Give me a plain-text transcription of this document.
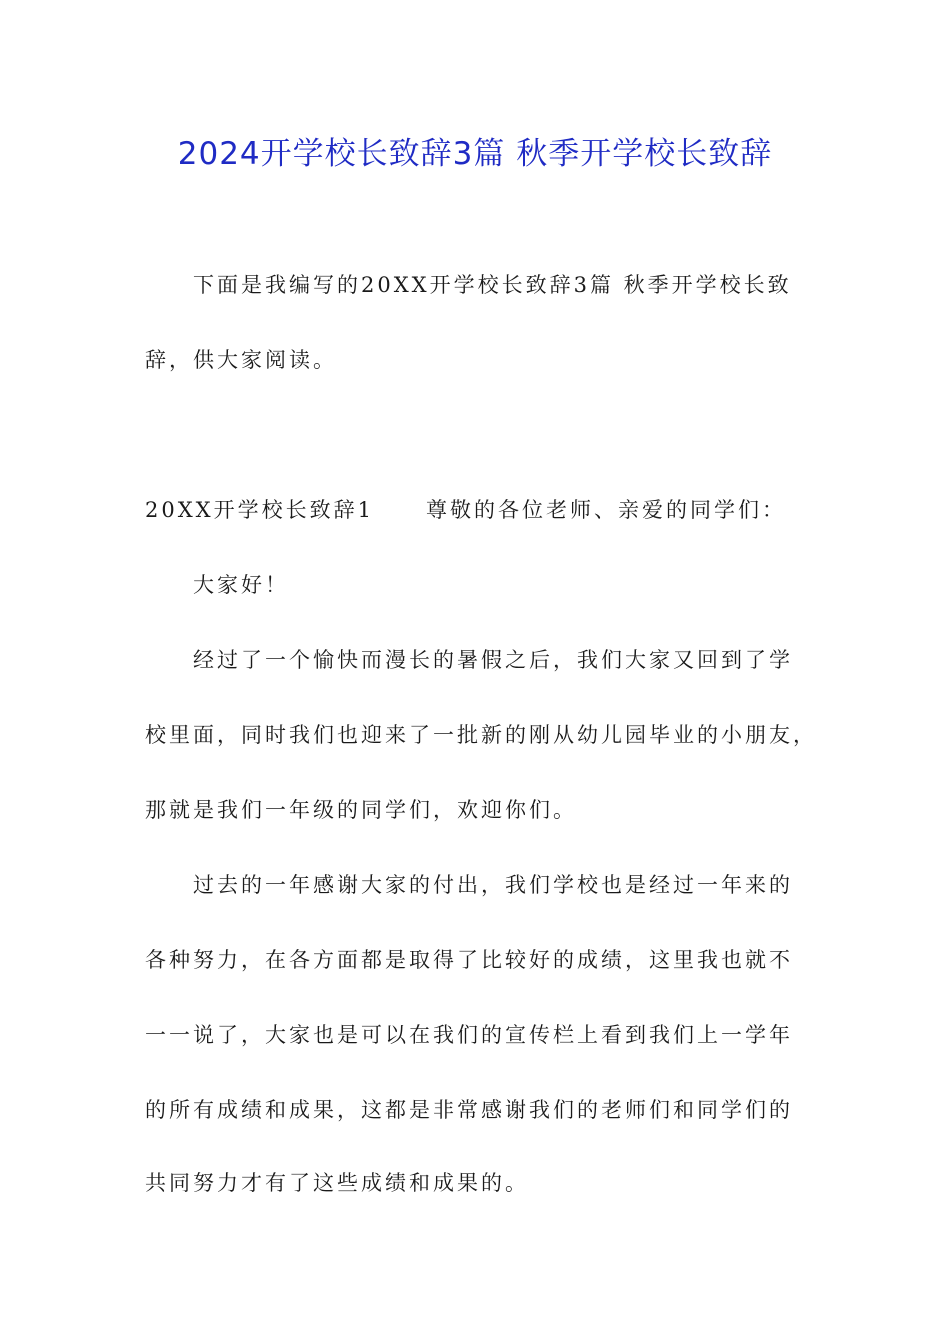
2024开学校长致辞3篇 秋季开学校长致辞
下面是我编写的20XX开学校长致辞3篇 秋季开学校长致
辞，供大家阅读。
20XX开学校长致辞1 尊敬的各位老师、亲爱的同学们：
大家好！
经过了一个愉快而漫长的暑假之后，我们大家又回到了学
校里面，同时我们也迎来了一批新的刚从幼儿园毕业的小朋友，
那就是我们一年级的同学们，欢迎你们。
过去的一年感谢大家的付出，我们学校也是经过一年来的
各种努力，在各方面都是取得了比较好的成绩，这里我也就不
一一说了，大家也是可以在我们的宣传栏上看到我们上一学年
的所有成绩和成果，这都是非常感谢我们的老师们和同学们的
共同努力才有了这些成绩和成果的。
